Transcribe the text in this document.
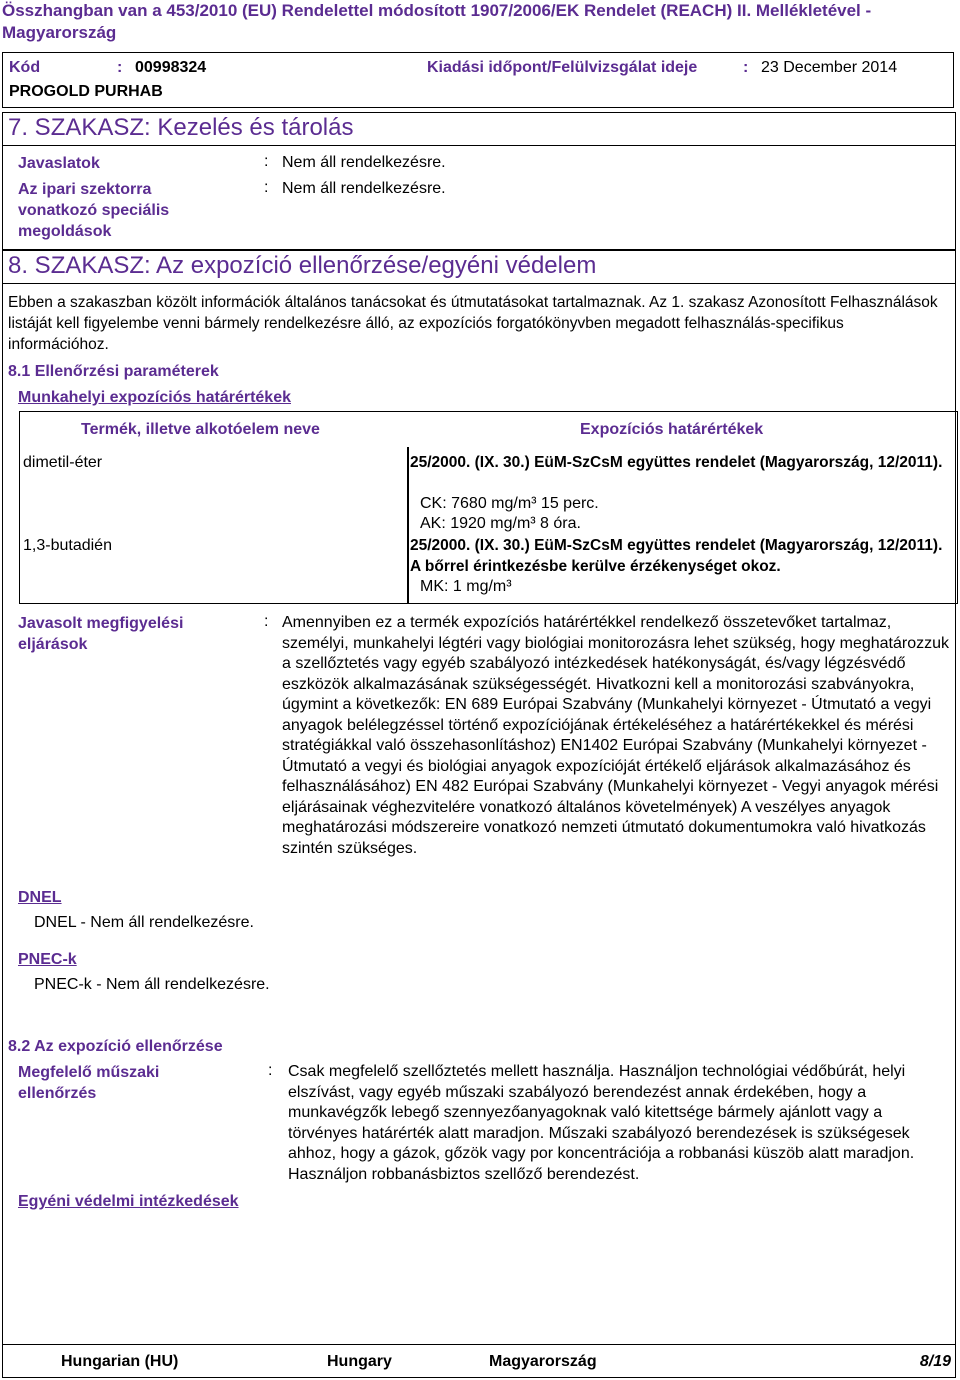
Összhangban van a 453/2010 (EU) Rendelettel módosított 1907/2006/EK Rendelet (REACH) II. Mellékletével - Magyarország
Kód	: 00998324	Kiadási időpont/Felülvizsgálat ideje	: 23 December 2014
PROGOLD PURHAB
7. SZAKASZ: Kezelés és tárolás
Javaslatok	: Nem áll rendelkezésre.
Az ipari szektorra vonatkozó speciális megoldások
: Nem áll rendelkezésre.
8. SZAKASZ: Az expozíció ellenőrzése/egyéni védelem
Ebben a szakaszban közölt információk általános tanácsokat és útmutatásokat tartalmaznak. Az 1. szakasz Azonosított Felhasználások listáját kell figyelembe venni bármely rendelkezésre álló, az expozíciós forgatókönyvben megadott felhasználás-specifikus információhoz.
8.1 Ellenőrzési paraméterek
Munkahelyi expozíciós határértékek
Termék, illetve alkotóelem neve	Expozíciós határértékek
dimetil-éter	25/2000. (IX. 30.) EüM-SzCsM együttes rendelet (Magyarország, 12/2011).
CK: 7680 mg/m³ 15 perc.
AK: 1920 mg/m³ 8 óra.
1,3-butadién	25/2000. (IX. 30.) EüM-SzCsM együttes rendelet (Magyarország, 12/2011). A bőrrel érintkezésbe kerülve érzékenységet okoz.
MK: 1 mg/m³
Javasolt megfigyelési eljárások
: Amennyiben ez a termék expozíciós határértékkel rendelkező összetevőket tartalmaz, személyi, munkahelyi légtéri vagy biológiai monitorozásra lehet szükség, hogy meghatározzuk a szellőztetés vagy egyéb szabályozó intézkedések hatékonyságát, és/vagy légzésvédő eszközök alkalmazásának szükségességét. Hivatkozni kell a monitorozási szabványokra, úgymint a következők: EN 689 Európai Szabvány (Munkahelyi környezet - Útmutató a vegyi anyagok belélegzéssel történő expozíciójának értékeléséhez a határértékekkel és mérési stratégiákkal való összehasonlításhoz) EN1402 Európai Szabvány (Munkahelyi környezet - Útmutató a vegyi és biológiai anyagok expozícióját értékelő eljárások alkalmazásához és felhasználásához) EN 482 Európai Szabvány (Munkahelyi környezet - Vegyi anyagok mérési eljárásainak véghezvitelére vonatkozó általános követelmények) A veszélyes anyagok meghatározási módszereire vonatkozó nemzeti útmutató dokumentumokra való hivatkozás szintén szükséges.
DNEL
DNEL - Nem áll rendelkezésre.
PNEC-k
PNEC-k - Nem áll rendelkezésre.
8.2 Az expozíció ellenőrzése
Megfelelő műszaki ellenőrzés
: Csak megfelelő szellőztetés mellett használja. Használjon technológiai védőbúrát, helyi elszívást, vagy egyéb műszaki szabályozó berendezést annak érdekében, hogy a munkavégzők lebegő szennyezőanyagoknak való kitettsége bármely ajánlott vagy a törvényes határérték alatt maradjon. Műszaki szabályozó berendezések is szükségesek ahhoz, hogy a gázok, gőzök vagy por koncentrációja a robbanási küszöb alatt maradjon. Használjon robbanásbiztos szellőző berendezést.
Egyéni védelmi intézkedések
Hungarian (HU)	Hungary	Magyarország	8/19
